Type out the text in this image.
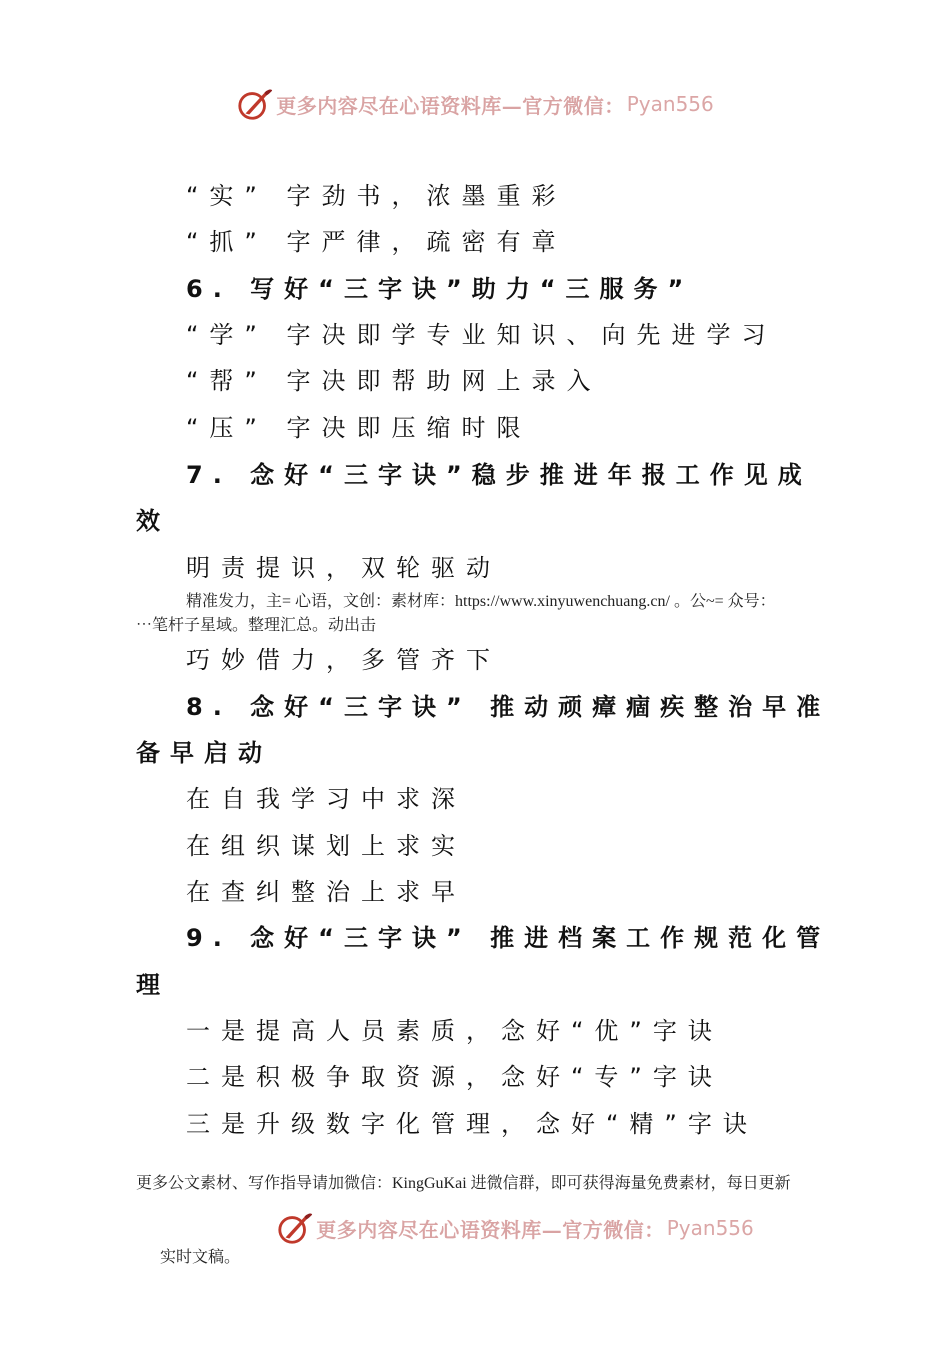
更多内容尽在心语资料库—官方微信： Pyan556
“实” 字劲书，浓墨重彩
“抓” 字严律，疏密有章
6. 写好“三字诀”助力“三服务”
“学” 字决即学专业知识、向先进学习
“帮” 字决即帮助网上录入
“压” 字决即压缩时限
7. 念好“三字诀”稳步推进年报工作见成
效
明责提识，双轮驱动
精准发力，主= 心语，文创：素材库：https://www.xinyuwenchuang.cn/ 。公~= 众号：
⋯笔杆子星域。整理汇总。动出击
巧妙借力，多管齐下
8. 念好“三字诀” 推动顽瘴痼疾整治早准
备早启动
在自我学习中求深
在组织谋划上求实
在查纠整治上求早
9. 念好“三字诀” 推进档案工作规范化管
理
一是提高人员素质，念好“优”字诀
二是积极争取资源，念好“专”字诀
三是升级数字化管理，念好“精”字诀
更多公文素材、写作指导请加微信：KingGuKai 进微信群，即可获得海量免费素材，每日更新
更多内容尽在心语资料库—官方微信： Pyan556
实时文稿。
